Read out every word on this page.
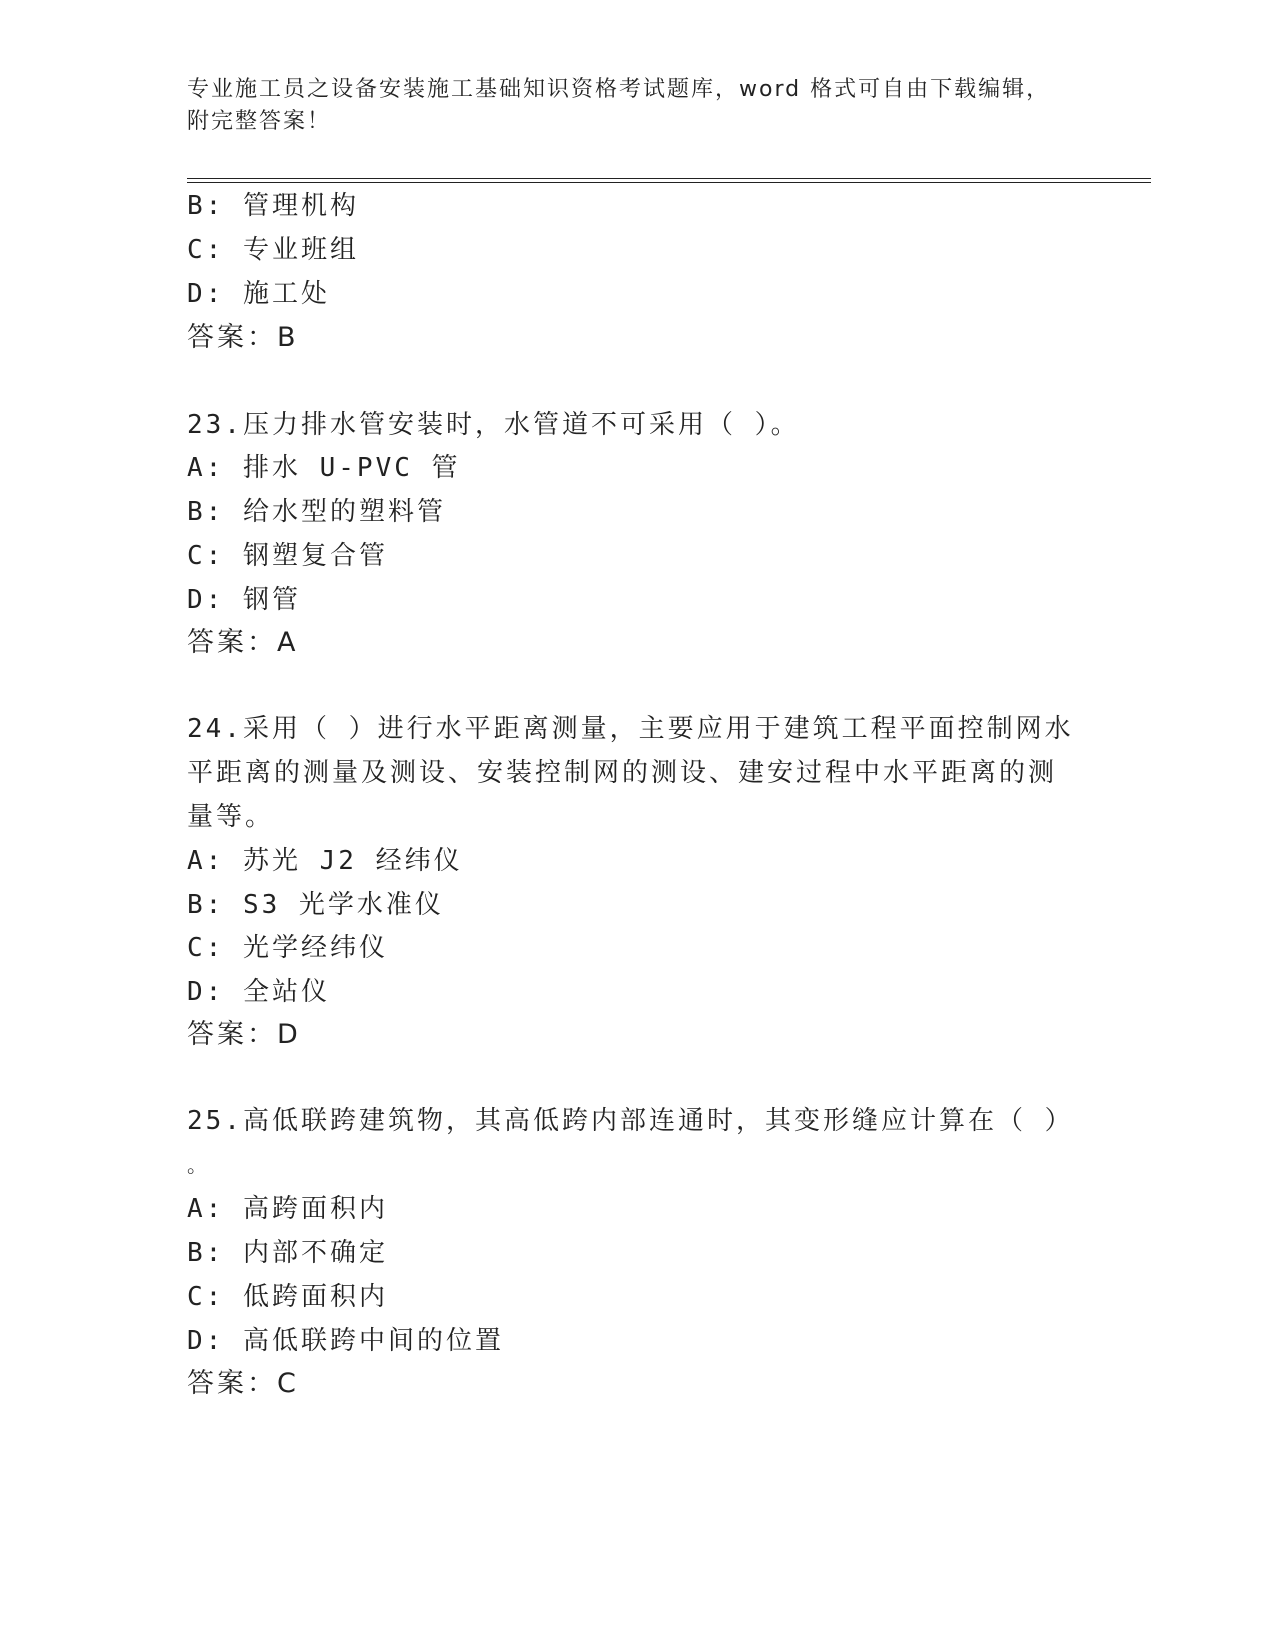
专业施工员之设备安装施工基础知识资格考试题库，word 格式可自由下载编辑，
附完整答案！
B: 管理机构
C: 专业班组
D: 施工处
答案：B
23.压力排水管安装时，水管道不可采用（ ）。
A: 排水 U-PVC 管
B: 给水型的塑料管
C: 钢塑复合管
D: 钢管
答案：A
24.采用（ ）进行水平距离测量，主要应用于建筑工程平面控制网水
平距离的测量及测设、安装控制网的测设、建安过程中水平距离的测
量等。
A: 苏光 J2 经纬仪
B: S3 光学水准仪
C: 光学经纬仪
D: 全站仪
答案：D
25.高低联跨建筑物，其高低跨内部连通时，其变形缝应计算在（ ）
。
A: 高跨面积内
B: 内部不确定
C: 低跨面积内
D: 高低联跨中间的位置
答案：C
